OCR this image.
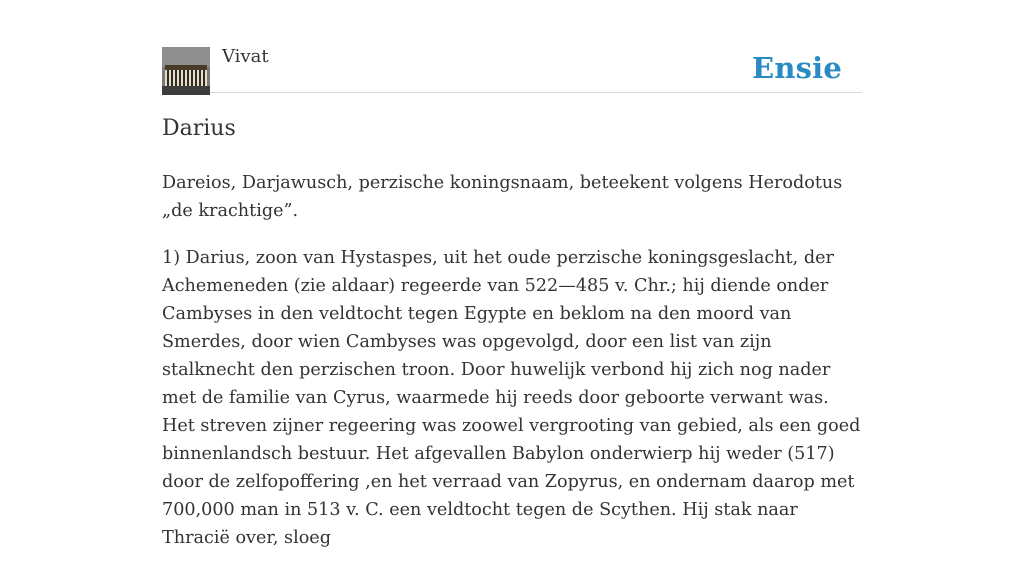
Vivat	Ensie
Darius

Dareios, Darjawusch, perzische koningsnaam, beteekent volgens Herodotus „de krachtige”.

1) Darius, zoon van Hystaspes, uit het oude perzische koningsgeslacht, der Achemeneden (zie aldaar) regeerde van 522—485 v. Chr.; hij diende onder Cambyses in den veldtocht tegen Egypte en beklom na den moord van Smerdes, door wien Cambyses was opgevolgd, door een list van zijn stalknecht den perzischen troon. Door huwelijk verbond hij zich nog nader met de familie van Cyrus, waarmede hij reeds door geboorte verwant was. Het streven zijner regeering was zoowel vergrooting van gebied, als een goed binnenlandsch bestuur. Het afgevallen Babylon onderwierp hij weder (517) door de zelfopoffering ,en het verraad van Zopyrus, en ondernam daarop met 700,000 man in 513 v. C. een veldtocht tegen de Scythen. Hij stak naar Thracië over, sloeg
